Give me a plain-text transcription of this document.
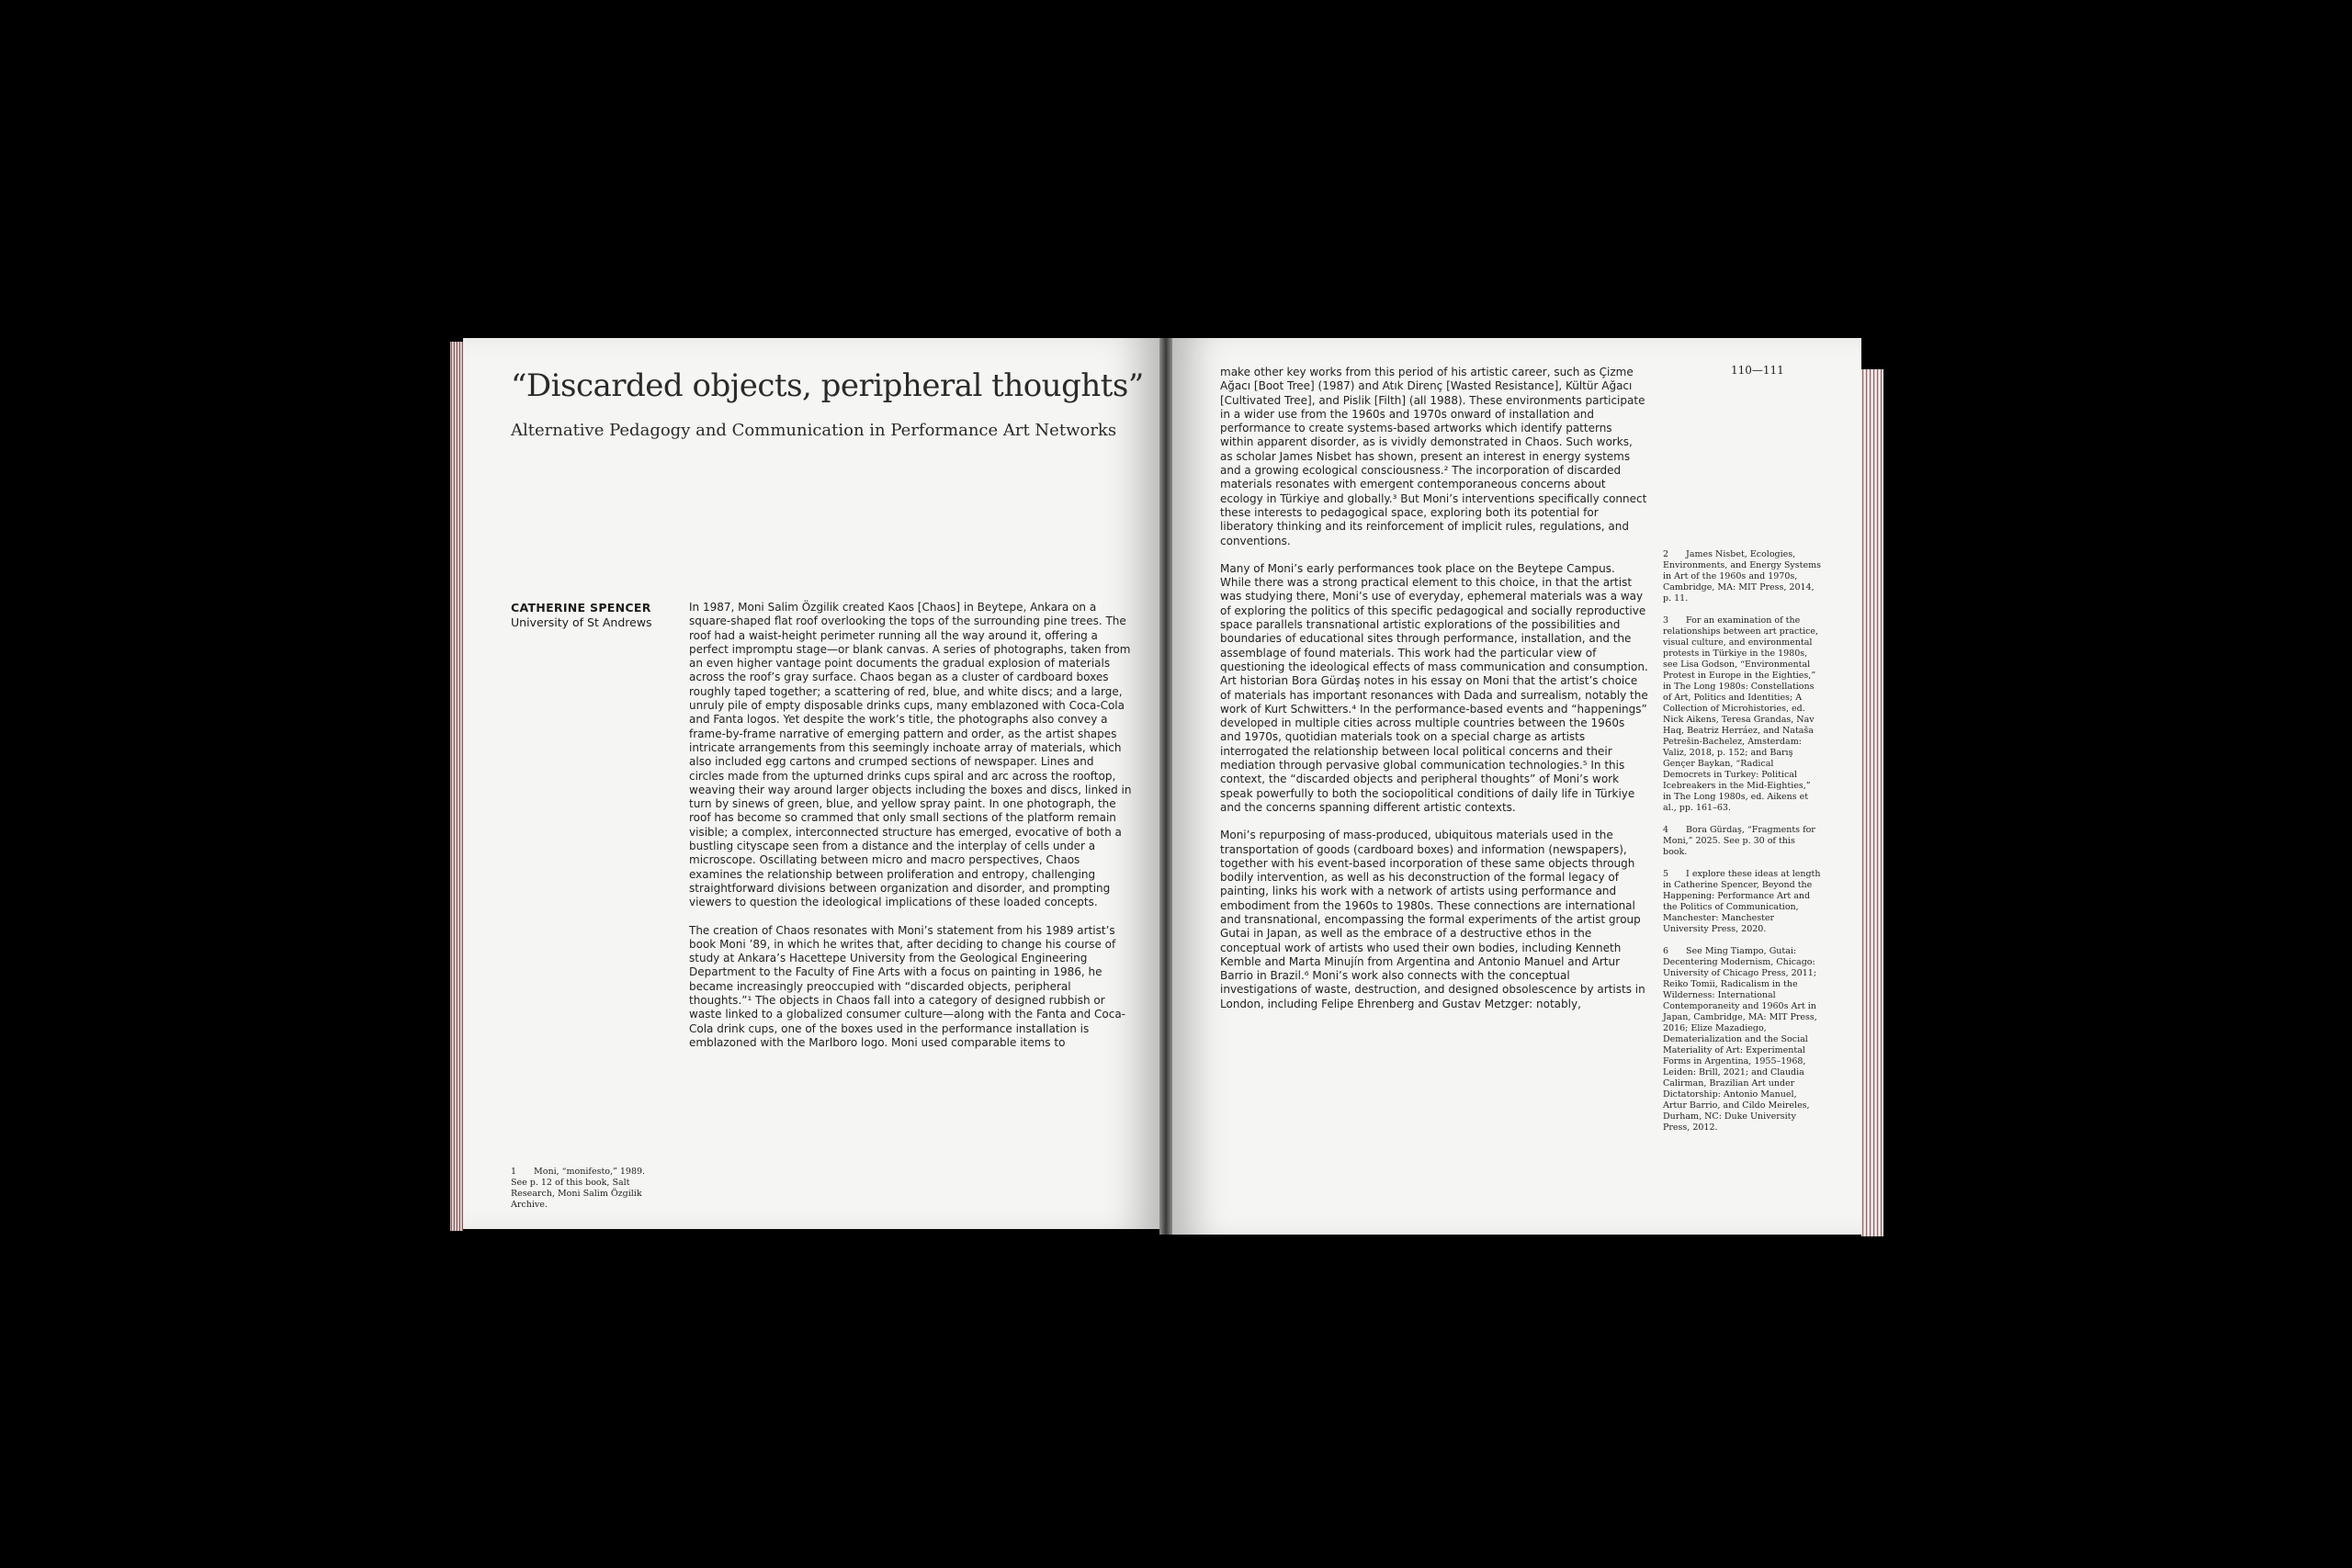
“Discarded objects, peripheral thoughts”
Alternative Pedagogy and Communication in Performance Art Networks
CATHERINE SPENCER
University of St Andrews

In 1987, Moni Salim Özgilik created Kaos [Chaos] in Beytepe, Ankara on a square-shaped flat roof overlooking the tops of the surrounding pine trees. The roof had a waist-height perimeter running all the way around it, offering a perfect impromptu stage—or blank canvas. A series of photographs, taken from an even higher vantage point documents the gradual explosion of materials across the roof’s gray surface. Chaos began as a cluster of cardboard boxes roughly taped together; a scattering of red, blue, and white discs; and a large, unruly pile of empty disposable drinks cups, many emblazoned with Coca-Cola and Fanta logos. Yet despite the work’s title, the photographs also convey a frame-by-frame narrative of emerging pattern and order, as the artist shapes intricate arrangements from this seemingly inchoate array of materials, which also included egg cartons and crumped sections of newspaper. Lines and circles made from the upturned drinks cups spiral and arc across the rooftop, weaving their way around larger objects including the boxes and discs, linked in turn by sinews of green, blue, and yellow spray paint. In one photograph, the roof has become so crammed that only small sections of the platform remain visible; a complex, interconnected structure has emerged, evocative of both a bustling cityscape seen from a distance and the interplay of cells under a microscope. Oscillating between micro and macro perspectives, Chaos examines the relationship between proliferation and entropy, challenging straightforward divisions between organization and disorder, and prompting viewers to question the ideological implications of these loaded concepts.

The creation of Chaos resonates with Moni’s statement from his 1989 artist’s book Moni ’89, in which he writes that, after deciding to change his course of study at Ankara’s Hacettepe University from the Geological Engineering Department to the Faculty of Fine Arts with a focus on painting in 1986, he became increasingly preoccupied with “discarded objects, peripheral thoughts.”¹ The objects in Chaos fall into a category of designed rubbish or waste linked to a globalized consumer culture—along with the Fanta and Coca-Cola drink cups, one of the boxes used in the performance installation is emblazoned with the Marlboro logo. Moni used comparable items to

1  Moni, “monifesto,” 1989. See p. 12 of this book, Salt Research, Moni Salim Özgilik Archive.
110—111

make other key works from this period of his artistic career, such as Çizme Ağacı [Boot Tree] (1987) and Atık Direnç [Wasted Resistance], Kültür Ağacı [Cultivated Tree], and Pislik [Filth] (all 1988). These environments participate in a wider use from the 1960s and 1970s onward of installation and performance to create systems-based artworks which identify patterns within apparent disorder, as is vividly demonstrated in Chaos. Such works, as scholar James Nisbet has shown, present an interest in energy systems and a growing ecological consciousness.² The incorporation of discarded materials resonates with emergent contemporaneous concerns about ecology in Türkiye and globally.³ But Moni’s interventions specifically connect these interests to pedagogical space, exploring both its potential for liberatory thinking and its reinforcement of implicit rules, regulations, and conventions.

Many of Moni’s early performances took place on the Beytepe Campus. While there was a strong practical element to this choice, in that the artist was studying there, Moni’s use of everyday, ephemeral materials was a way of exploring the politics of this specific pedagogical and socially reproductive space parallels transnational artistic explorations of the possibilities and boundaries of educational sites through performance, installation, and the assemblage of found materials. This work had the particular view of questioning the ideological effects of mass communication and consumption. Art historian Bora Gürdaş notes in his essay on Moni that the artist’s choice of materials has important resonances with Dada and surrealism, notably the work of Kurt Schwitters.⁴ In the performance-based events and “happenings” developed in multiple cities across multiple countries between the 1960s and 1970s, quotidian materials took on a special charge as artists interrogated the relationship between local political concerns and their mediation through pervasive global communication technologies.⁵ In this context, the “discarded objects and peripheral thoughts” of Moni’s work speak powerfully to both the sociopolitical conditions of daily life in Türkiye and the concerns spanning different artistic contexts.

Moni’s repurposing of mass-produced, ubiquitous materials used in the transportation of goods (cardboard boxes) and information (newspapers), together with his event-based incorporation of these same objects through bodily intervention, as well as his deconstruction of the formal legacy of painting, links his work with a network of artists using performance and embodiment from the 1960s to 1980s. These connections are international and transnational, encompassing the formal experiments of the artist group Gutai in Japan, as well as the embrace of a destructive ethos in the conceptual work of artists who used their own bodies, including Kenneth Kemble and Marta Minujín from Argentina and Antonio Manuel and Artur Barrio in Brazil.⁶ Moni’s work also connects with the conceptual investigations of waste, destruction, and designed obsolescence by artists in London, including Felipe Ehrenberg and Gustav Metzger: notably,

2  James Nisbet, Ecologies, Environments, and Energy Systems in Art of the 1960s and 1970s, Cambridge, MA: MIT Press, 2014, p. 11.
3  For an examination of the relationships between art practice, visual culture, and environmental protests in Türkiye in the 1980s, see Lisa Godson, “Environmental Protest in Europe in the Eighties,” in The Long 1980s: Constellations of Art, Politics and Identities; A Collection of Microhistories, ed. Nick Aikens, Teresa Grandas, Nav Haq, Beatriz Herráez, and Nataša Petrešin-Bachelez, Amsterdam: Valiz, 2018, p. 152; and Barış Gençer Baykan, “Radical Democrets in Turkey: Political Icebreakers in the Mid-Eighties,” in The Long 1980s, ed. Aikens et al., pp. 161–63.
4  Bora Gürdaş, “Fragments for Moni,” 2025. See p. 30 of this book.
5  I explore these ideas at length in Catherine Spencer, Beyond the Happening: Performance Art and the Politics of Communication, Manchester: Manchester University Press, 2020.
6  See Ming Tiampo, Gutai: Decentering Modernism, Chicago: University of Chicago Press, 2011; Reiko Tomii, Radicalism in the Wilderness: International Contemporaneity and 1960s Art in Japan, Cambridge, MA: MIT Press, 2016; Elize Mazadiego, Dematerialization and the Social Materiality of Art: Experimental Forms in Argentina, 1955–1968, Leiden: Brill, 2021; and Claudia Calirman, Brazilian Art under Dictatorship: Antonio Manuel, Artur Barrio, and Cildo Meireles, Durham, NC: Duke University Press, 2012.
